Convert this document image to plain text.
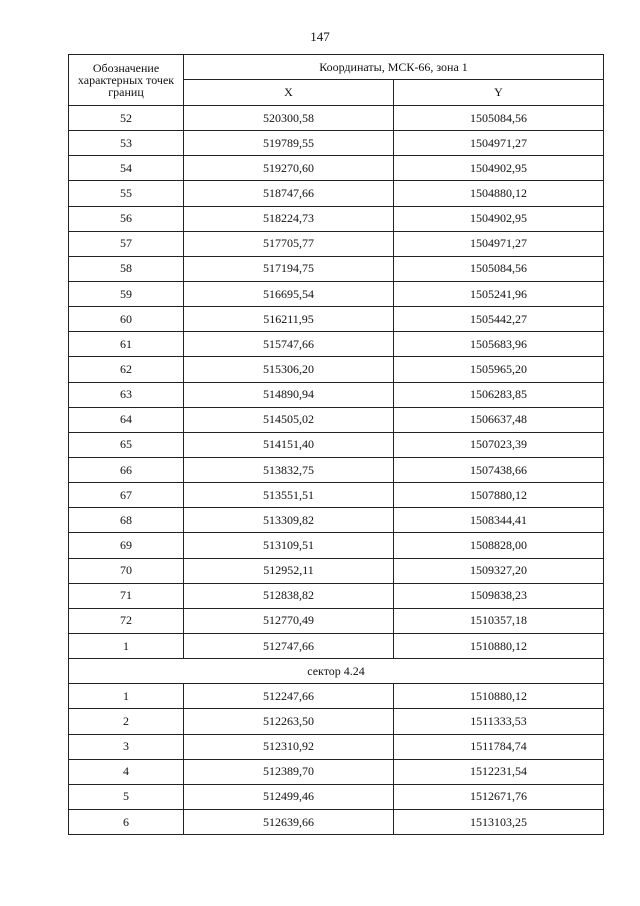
147
Обозначение характерных точек границ	Координаты, МСК-66, зона 1	
	X	Y
52	520300,58	1505084,56
53	519789,55	1504971,27
54	519270,60	1504902,95
55	518747,66	1504880,12
56	518224,73	1504902,95
57	517705,77	1504971,27
58	517194,75	1505084,56
59	516695,54	1505241,96
60	516211,95	1505442,27
61	515747,66	1505683,96
62	515306,20	1505965,20
63	514890,94	1506283,85
64	514505,02	1506637,48
65	514151,40	1507023,39
66	513832,75	1507438,66
67	513551,51	1507880,12
68	513309,82	1508344,41
69	513109,51	1508828,00
70	512952,11	1509327,20
71	512838,82	1509838,23
72	512770,49	1510357,18
1	512747,66	1510880,12
сектор 4.24		
1	512247,66	1510880,12
2	512263,50	1511333,53
3	512310,92	1511784,74
4	512389,70	1512231,54
5	512499,46	1512671,76
6	512639,66	1513103,25
